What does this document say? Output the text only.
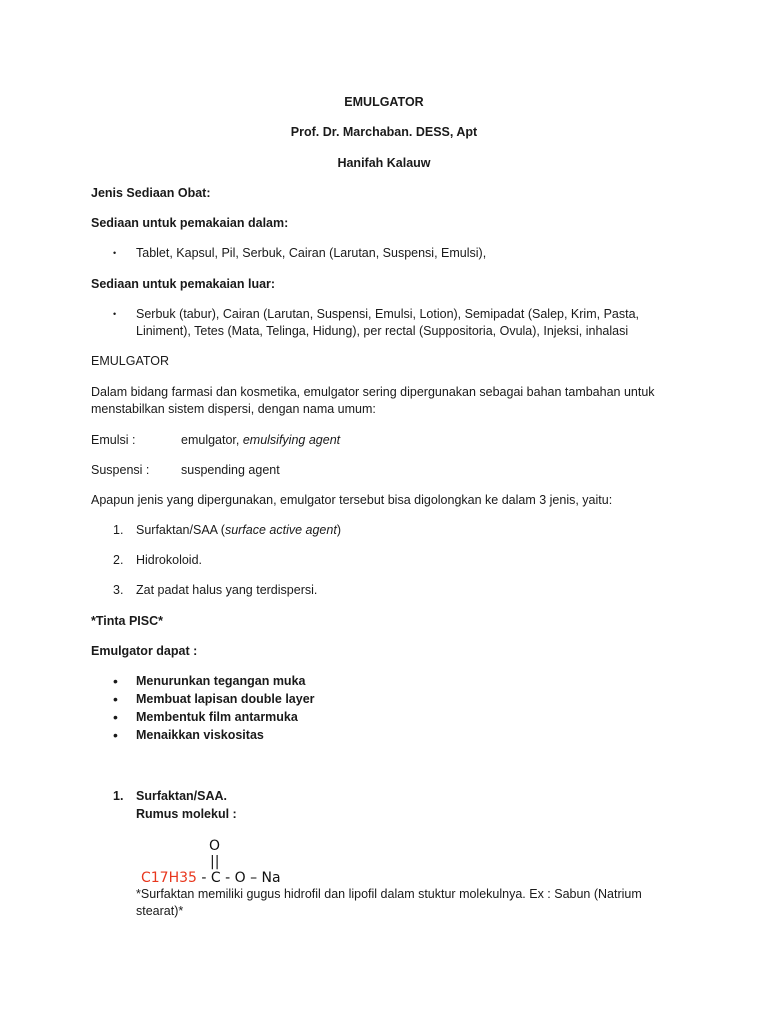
EMULGATOR
Prof. Dr. Marchaban. DESS, Apt
Hanifah Kalauw
Jenis Sediaan Obat:
Sediaan untuk pemakaian dalam:
• Tablet, Kapsul, Pil, Serbuk, Cairan (Larutan, Suspensi, Emulsi),
Sediaan untuk pemakaian luar:
• Serbuk (tabur), Cairan (Larutan, Suspensi, Emulsi, Lotion), Semipadat (Salep, Krim, Pasta,
Liniment), Tetes (Mata, Telinga, Hidung), per rectal (Suppositoria, Ovula), Injeksi, inhalasi
EMULGATOR
Dalam bidang farmasi dan kosmetika, emulgator sering dipergunakan sebagai bahan tambahan untuk
menstabilkan sistem dispersi, dengan nama umum:
Emulsi :	emulgator, emulsifying agent
Suspensi :	suspending agent
Apapun jenis yang dipergunakan, emulgator tersebut bisa digolongkan ke dalam 3 jenis, yaitu:
1. Surfaktan/SAA (surface active agent)
2. Hidrokoloid.
3. Zat padat halus yang terdispersi.
*Tinta PISC*
Emulgator dapat :
• Menurunkan tegangan muka
• Membuat lapisan double layer
• Membentuk film antarmuka
• Menaikkan viskositas
1. Surfaktan/SAA.
Rumus molekul :
O
||
C17H35 - C - O – Na
*Surfaktan memiliki gugus hidrofil dan lipofil dalam stuktur molekulnya. Ex : Sabun (Natrium
stearat)*
